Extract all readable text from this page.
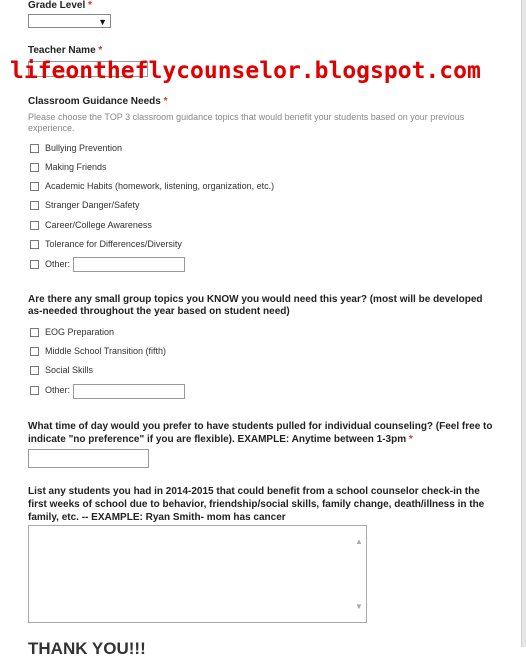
Grade Level *
▼
Teacher Name *
lifeontheflycounselor.blogspot.com
Classroom Guidance Needs *
Please choose the TOP 3 classroom guidance topics that would benefit your students based on your previous experience.
Bullying Prevention
Making Friends
Academic Habits (homework, listening, organization, etc.)
Stranger Danger/Safety
Career/College Awareness
Tolerance for Differences/Diversity
Other:
Are there any small group topics you KNOW you would need this year? (most will be developed as-needed throughout the year based on student need)
EOG Preparation
Middle School Transition (fifth)
Social Skills
Other:
What time of day would you prefer to have students pulled for individual counseling? (Feel free to indicate "no preference" if you are flexible). EXAMPLE: Anytime between 1-3pm *
List any students you had in 2014-2015 that could benefit from a school counselor check-in the first weeks of school due to behavior, friendship/social skills, family change, death/illness in the family, etc. -- EXAMPLE: Ryan Smith- mom has cancer
▲
▼
THANK YOU!!!
